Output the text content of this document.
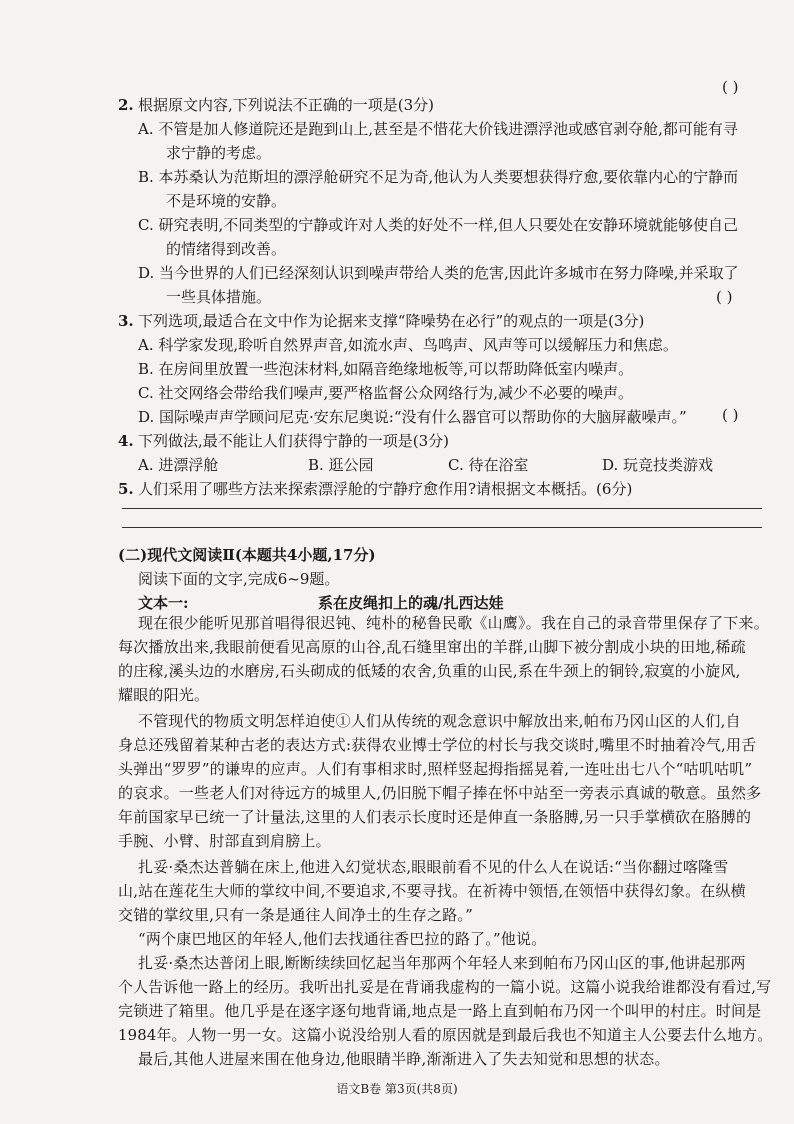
( )
2. 根据原文内容,下列说法不正确的一项是(3分)
A. 不管是加人修道院还是跑到山上,甚至是不惜花大价钱进漂浮池或感官剥夺舱,都可能有寻
求宁静的考虑。
B. 本苏桑认为范斯坦的漂浮舱研究不足为奇,他认为人类要想获得疗愈,要依靠内心的宁静而
不是环境的安静。
C. 研究表明,不同类型的宁静或许对人类的好处不一样,但人只要处在安静环境就能够使自己
的情绪得到改善。
D. 当今世界的人们已经深刻认识到噪声带给人类的危害,因此许多城市在努力降噪,并采取了
一些具体措施。	( )
3. 下列选项,最适合在文中作为论据来支撑“降噪势在必行”的观点的一项是(3分)
A. 科学家发现,聆听自然界声音,如流水声、鸟鸣声、风声等可以缓解压力和焦虑。
B. 在房间里放置一些泡沫材料,如隔音绝缘地板等,可以帮助降低室内噪声。
C. 社交网络会带给我们噪声,要严格监督公众网络行为,减少不必要的噪声。
D. 国际噪声声学顾问尼克·安东尼奥说:“没有什么器官可以帮助你的大脑屏蔽噪声。” ( )
4. 下列做法,最不能让人们获得宁静的一项是(3分)
A. 进漂浮舱	B. 逛公园	C. 待在浴室	D. 玩竞技类游戏
5. 人们采用了哪些方法来探索漂浮舱的宁静疗愈作用?请根据文本概括。(6分)
(二)现代文阅读Ⅱ(本题共4小题,17分)
阅读下面的文字,完成6~9题。
文本一:	系在皮绳扣上的魂/扎西达娃
现在很少能听见那首唱得很迟钝、纯朴的秘鲁民歌《山鹰》。我在自己的录音带里保存了下来。
每次播放出来,我眼前便看见高原的山谷,乱石缝里窜出的羊群,山脚下被分割成小块的田地,稀疏
的庄稼,溪头边的水磨房,石头砌成的低矮的农舍,负重的山民,系在牛颈上的铜铃,寂寞的小旋风,
耀眼的阳光。
不管现代的物质文明怎样迫使①人们从传统的观念意识中解放出来,帕布乃冈山区的人们,自
身总还残留着某种古老的表达方式:获得农业博士学位的村长与我交谈时,嘴里不时抽着冷气,用舌
头弹出“罗罗”的谦卑的应声。人们有事相求时,照样竖起拇指摇晃着,一连吐出七八个“咕叽咕叽”
的哀求。一些老人们对待远方的城里人,仍旧脱下帽子捧在怀中站至一旁表示真诚的敬意。虽然多
年前国家早已统一了计量法,这里的人们表示长度时还是伸直一条胳膊,另一只手掌横砍在胳膊的
手腕、小臂、肘部直到肩膀上。
扎妥·桑杰达普躺在床上,他进入幻觉状态,眼眼前看不见的什么人在说话:“当你翻过喀隆雪
山,站在莲花生大师的掌纹中间,不要追求,不要寻找。在祈祷中领悟,在领悟中获得幻象。在纵横
交错的掌纹里,只有一条是通往人间净土的生存之路。”
“两个康巴地区的年轻人,他们去找通往香巴拉的路了。”他说。
扎妥·桑杰达普闭上眼,断断续续回忆起当年那两个年轻人来到帕布乃冈山区的事,他讲起那两
个人告诉他一路上的经历。我听出扎妥是在背诵我虚构的一篇小说。这篇小说我给谁都没有看过,写
完锁进了箱里。他几乎是在逐字逐句地背诵,地点是一路上直到帕布乃冈一个叫甲的村庄。时间是
1984年。人物一男一女。这篇小说没给别人看的原因就是到最后我也不知道主人公要去什么地方。
最后,其他人进屋来围在他身边,他眼睛半睁,渐渐进入了失去知觉和思想的状态。
语文B卷 第3页(共8页)
